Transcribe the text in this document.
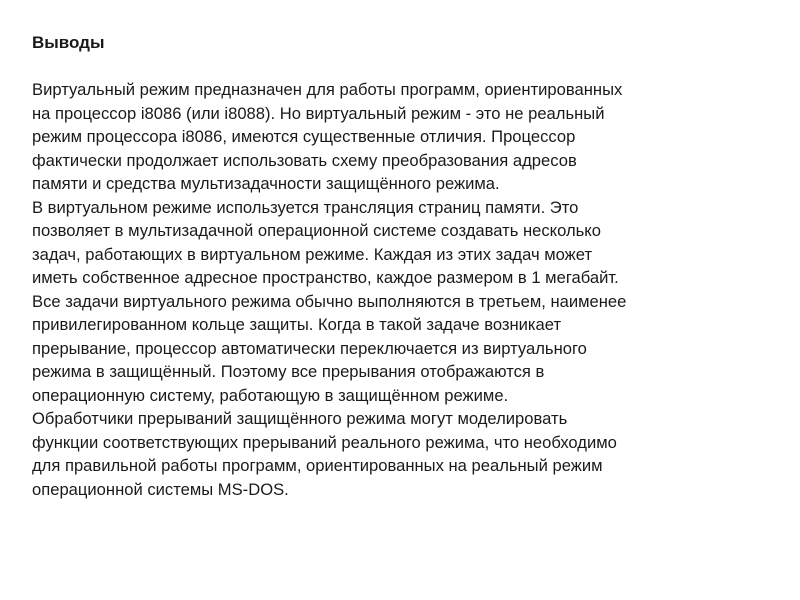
Выводы
Виртуальный режим предназначен для работы программ, ориентированных
на процессор i8086 (или i8088). Но виртуальный режим - это не реальный
режим процессора i8086, имеются существенные отличия. Процессор
фактически продолжает использовать схему преобразования адресов
памяти и средства мультизадачности защищённого режима.
В виртуальном режиме используется трансляция страниц памяти. Это
позволяет в мультизадачной операционной системе создавать несколько
задач, работающих в виртуальном режиме. Каждая из этих задач может
иметь собственное адресное пространство, каждое размером в 1 мегабайт.
Все задачи виртуального режима обычно выполняются в третьем, наименее
привилегированном кольце защиты. Когда в такой задаче возникает
прерывание, процессор автоматически переключается из виртуального
режима в защищённый. Поэтому все прерывания отображаются в
операционную систему, работающую в защищённом режиме.
Обработчики прерываний защищённого режима могут моделировать
функции соответствующих прерываний реального режима, что необходимо
для правильной работы программ, ориентированных на реальный режим
операционной системы MS-DOS.
